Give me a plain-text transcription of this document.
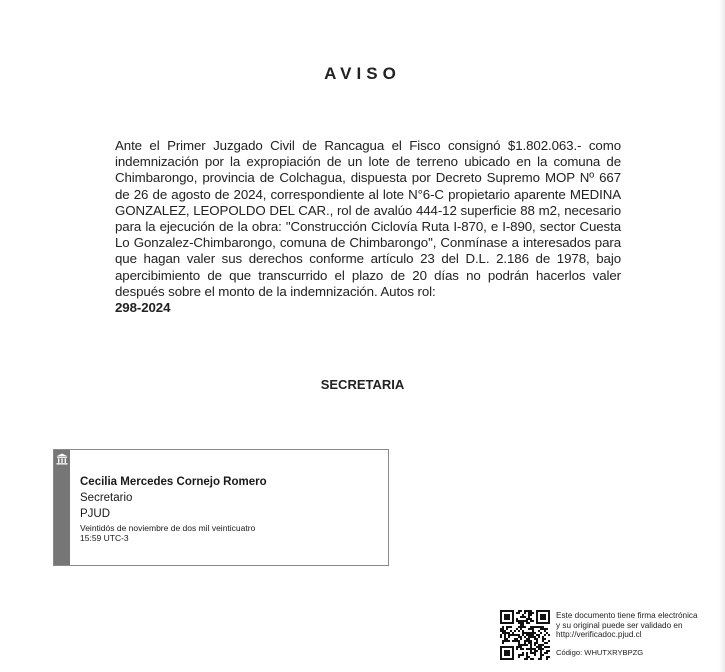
AVISO
Ante el Primer Juzgado Civil de Rancagua el Fisco consignó $1.802.063.- como indemnización por la expropiación de un lote de terreno ubicado en la comuna de Chimbarongo, provincia de Colchagua, dispuesta por Decreto Supremo MOP Nº 667 de 26 de agosto de 2024, correspondiente al lote N°6-C propietario aparente MEDINA GONZALEZ, LEOPOLDO DEL CAR., rol de avalúo 444-12 superficie 88 m2, necesario para la ejecución de la obra: "Construcción Ciclovía Ruta I-870, e I-890, sector Cuesta Lo Gonzalez-Chimbarongo, comuna de Chimbarongo", Conmínase a interesados para que hagan valer sus derechos conforme artículo 23 del D.L. 2.186 de 1978, bajo apercibimiento de que transcurrido el plazo de 20 días no podrán hacerlos valer después sobre el monto de la indemnización. Autos rol:
298-2024
SECRETARIA
Cecilia Mercedes Cornejo Romero
Secretario
PJUD
Veintidós de noviembre de dos mil veinticuatro
15:59 UTC-3
Este documento tiene firma electrónica
y su original puede ser validado en
http://verificadoc.pjud.cl
Código: WHUTXRYBPZG
